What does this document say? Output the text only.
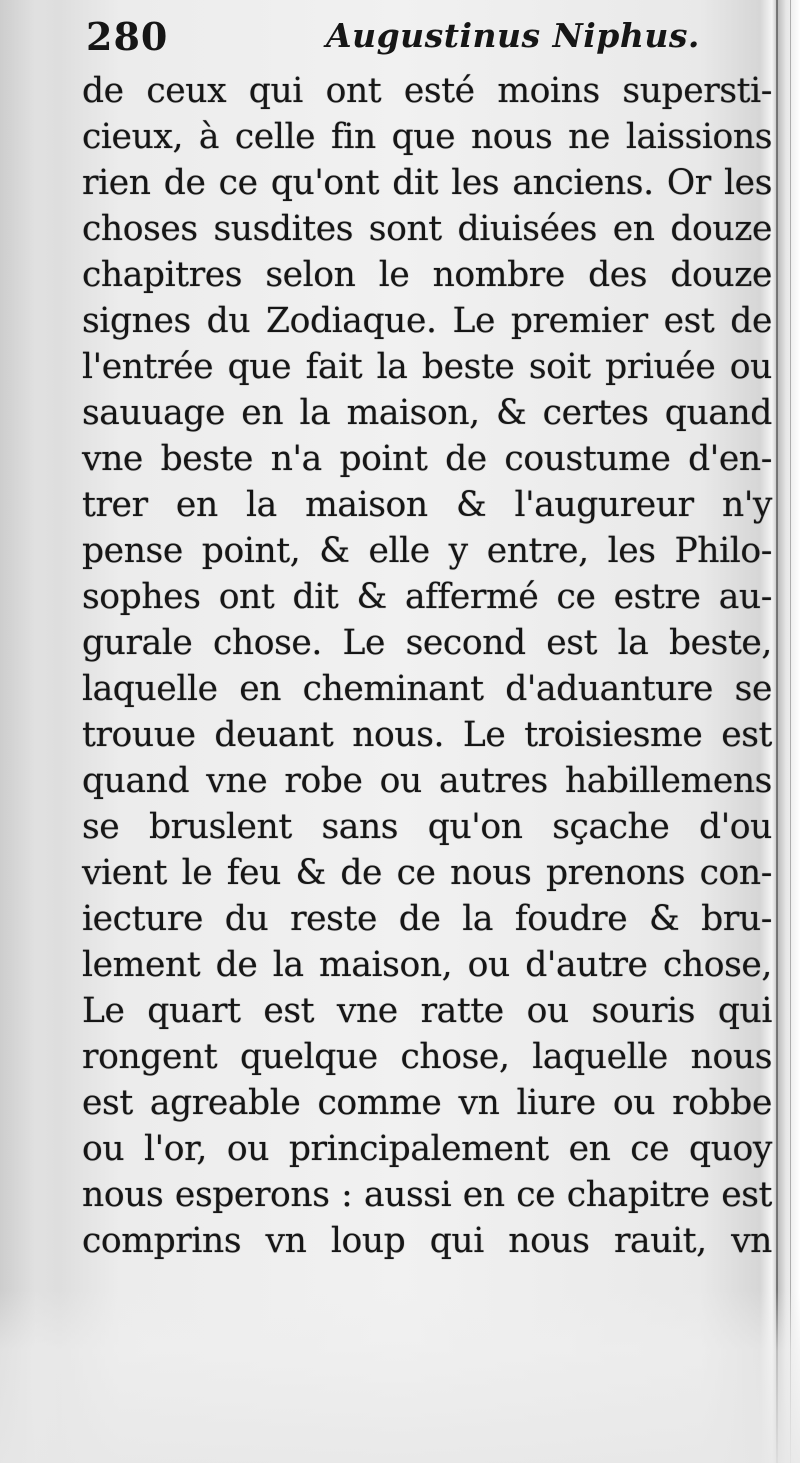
280	Augustinus Niphus.
de ceux qui ont esté moins supersti-
cieux, à celle fin que nous ne laissions
rien de ce qu'ont dit les anciens. Or les
choses susdites sont diuisées en douze
chapitres selon le nombre des douze
signes du Zodiaque. Le premier est de
l'entrée que fait la beste soit priuée ou
sauuage en la maison, & certes quand
vne beste n'a point de coustume d'en-
trer en la maison & l'augureur n'y
pense point, & elle y entre, les Philo-
sophes ont dit & affermé ce estre au-
gurale chose. Le second est la beste,
laquelle en cheminant d'aduanture se
trouue deuant nous. Le troisiesme est
quand vne robe ou autres habillemens
se bruslent sans qu'on sçache d'ou
vient le feu & de ce nous prenons con-
iecture du reste de la foudre & bru-
lement de la maison, ou d'autre chose,
Le quart est vne ratte ou souris qui
rongent quelque chose, laquelle nous
est agreable comme vn liure ou robbe
ou l'or, ou principalement en ce quoy
nous esperons : aussi en ce chapitre est
comprins vn loup qui nous rauit, vn
